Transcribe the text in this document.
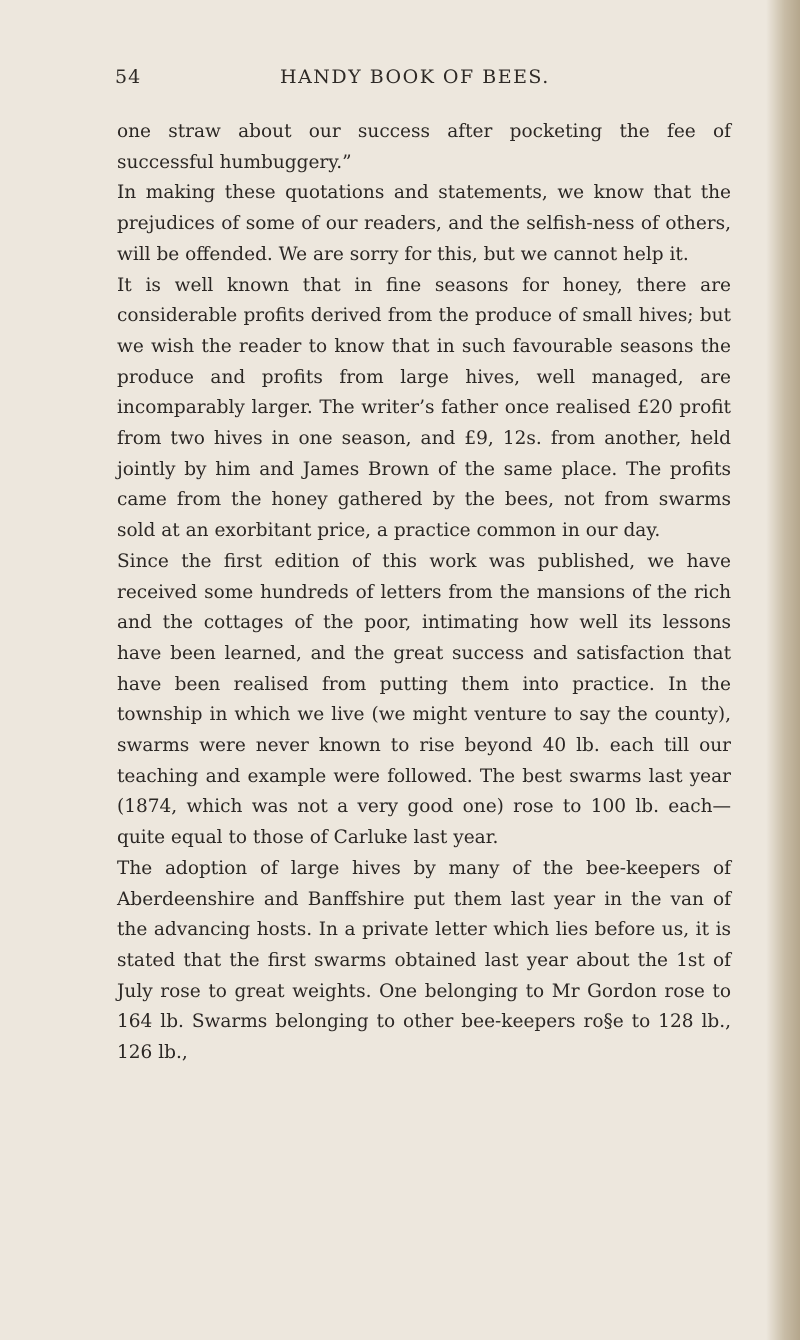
54	HANDY BOOK OF BEES.

one straw about our success after pocketing the fee of successful humbuggery.”

In making these quotations and statements, we know that the prejudices of some of our readers, and the selfish-ness of others, will be offended. We are sorry for this, but we cannot help it.

It is well known that in fine seasons for honey, there are considerable profits derived from the produce of small hives; but we wish the reader to know that in such favourable seasons the produce and profits from large hives, well managed, are incomparably larger. The writer’s father once realised £20 profit from two hives in one season, and £9, 12s. from another, held jointly by him and James Brown of the same place. The profits came from the honey gathered by the bees, not from swarms sold at an exorbitant price, a practice common in our day.

Since the first edition of this work was published, we have received some hundreds of letters from the mansions of the rich and the cottages of the poor, intimating how well its lessons have been learned, and the great success and satisfaction that have been realised from putting them into practice. In the township in which we live (we might venture to say the county), swarms were never known to rise beyond 40 lb. each till our teaching and example were followed. The best swarms last year (1874, which was not a very good one) rose to 100 lb. each— quite equal to those of Carluke last year.

The adoption of large hives by many of the bee-keepers of Aberdeenshire and Banffshire put them last year in the van of the advancing hosts. In a private letter which lies before us, it is stated that the first swarms obtained last year about the 1st of July rose to great weights. One belonging to Mr Gordon rose to 164 lb. Swarms belonging to other bee-keepers ro§e to 128 lb., 126 lb.,
